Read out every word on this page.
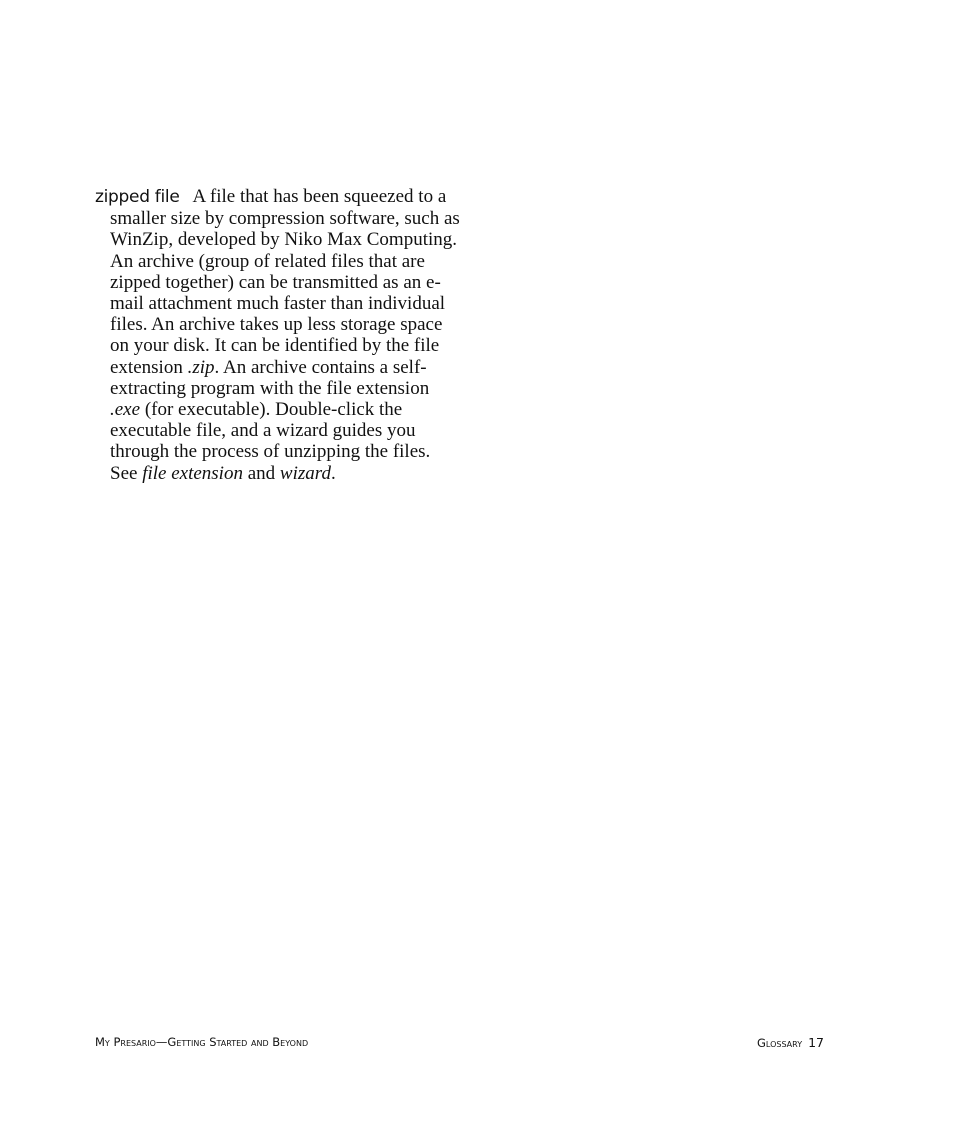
zipped file A file that has been squeezed to a smaller size by compression software, such as WinZip, developed by Niko Max Computing. An archive (group of related files that are zipped together) can be transmitted as an e-mail attachment much faster than individual files. An archive takes up less storage space on your disk. It can be identified by the file extension .zip. An archive contains a self-extracting program with the file extension .exe (for executable). Double-click the executable file, and a wizard guides you through the process of unzipping the files. See file extension and wizard.

My Presario—Getting Started and Beyond	Glossary 17
